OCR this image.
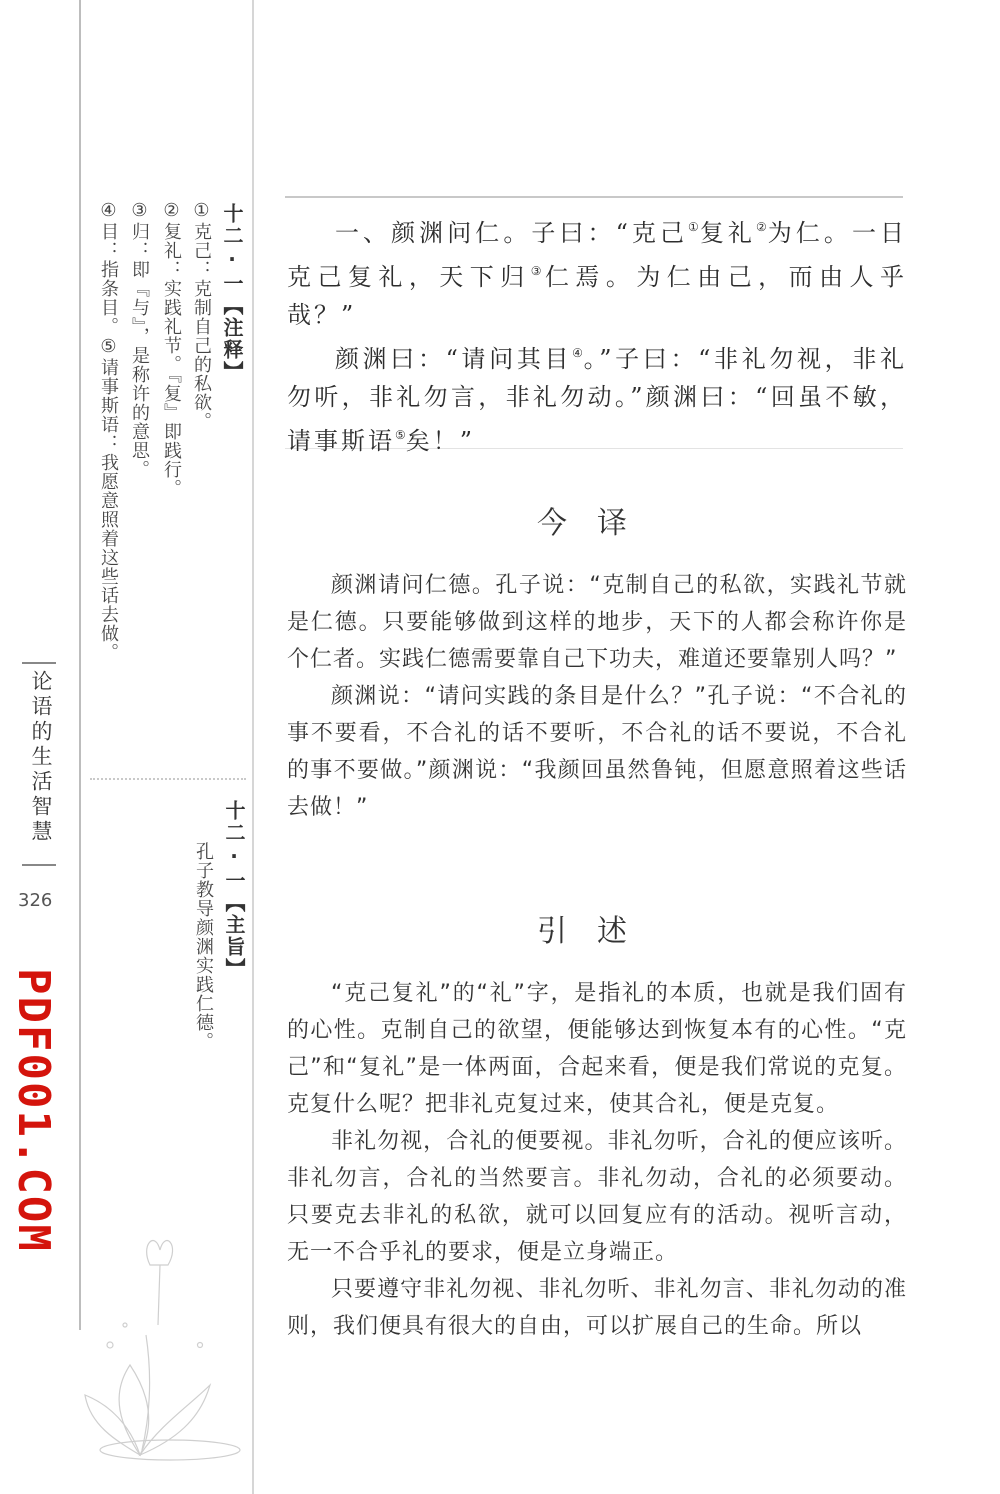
十二·一【注释】
①克己：克制自己的私欲。
②复礼：实践礼节。『复』即践行。
③归：即『与』，是称许的意思。
④目：指条目。⑤请事斯语：我愿意照着这些话去做。
十二·一【主旨】
孔子教导颜渊实践仁德。
论语的生活智慧
326
PDF001.COM

一、颜渊问仁。子曰：“克己①复礼②为仁。一日克己复礼，天下归③仁焉。为仁由己，而由人乎哉？”

颜渊曰：“请问其目④。”子曰：“非礼勿视，非礼勿听，非礼勿言，非礼勿动。”颜渊曰：“回虽不敏，请事斯语⑤矣！”

今译

颜渊请问仁德。孔子说：“克制自己的私欲，实践礼节就是仁德。只要能够做到这样的地步，天下的人都会称许你是个仁者。实践仁德需要靠自己下功夫，难道还要靠别人吗？”

颜渊说：“请问实践的条目是什么？”孔子说：“不合礼的事不要看，不合礼的话不要听，不合礼的话不要说，不合礼的事不要做。”颜渊说：“我颜回虽然鲁钝，但愿意照着这些话去做！”

引述

“克己复礼”的“礼”字，是指礼的本质，也就是我们固有的心性。克制自己的欲望，便能够达到恢复本有的心性。“克己”和“复礼”是一体两面，合起来看，便是我们常说的克复。克复什么呢？把非礼克复过来，使其合礼，便是克复。

非礼勿视，合礼的便要视。非礼勿听，合礼的便应该听。非礼勿言，合礼的当然要言。非礼勿动，合礼的必须要动。只要克去非礼的私欲，就可以回复应有的活动。视听言动，无一不合乎礼的要求，便是立身端正。

只要遵守非礼勿视、非礼勿听、非礼勿言、非礼勿动的准则，我们便具有很大的自由，可以扩展自己的生命。所以
